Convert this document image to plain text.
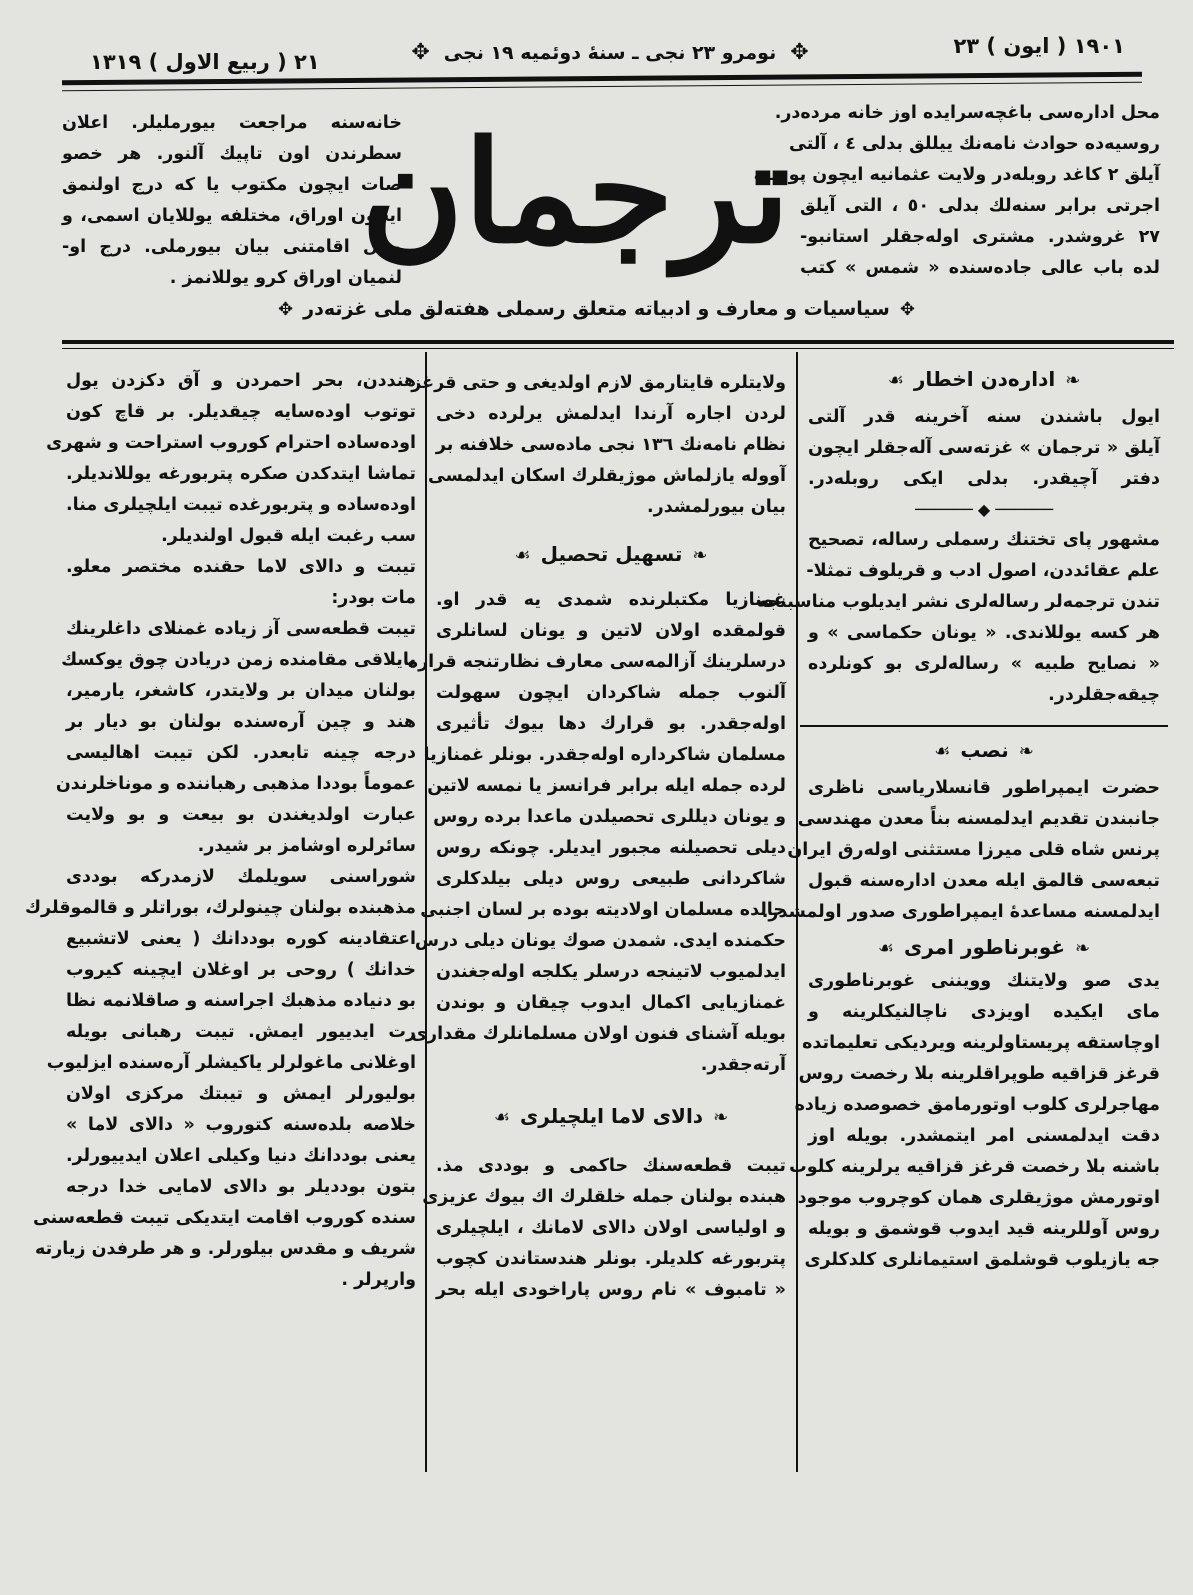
١٩٠١ ( ایون ) ٢٣
✥ نومرو ٢٣ نجی ـ سنهٔ دوئمیه ١٩ نجی ✥
٢١ ( ربیع الاول ) ١٣١٩
محل ادارەسی باغچەسرایدە اوز خانه مردەدر.
روسیەدە حوادث نامەنك ییللق بدلی ٤ ، آلتی
آیلق ٢ کاغد روبلەدر ولایت عثمانیه ایچون پوسته
اجرتی برابر سنەلك بدلی ٥٠ ، التی آیلق
٢٧ غروشدر. مشتری اولەجقلر استانبو-
لدە باب عالی جادەسندە « شمس » کتب
ترجمان
خانەسنه مراجعت بیورملیلر. اعلان
سطرندن اون تاپیك آلنور. هر خصو
صات ایچون مکتوب یا که درج اولنمق
ایچون اوراق، مختلفه یوللایان اسمی، و
محل اقامتنی بیان بیورملی. درج او-
لنمیان اوراق کرو یوللانمز .
✥سیاسیات و معارف و ادبیاته متعلق رسملی هفتەلق ملی غزتەدر✥
❧ادارەدن اخطار☙
ایول باشندن سنه آخرینه قدر آلتی
آیلق « ترجمان » غزتەسی آلەجقلر ایچون
دفتر آچیقدر. بدلی ایکی روبلەدر.
────── ◆ ──────
مشهور پای تختنك رسملی رسالە، تصحیح
علم عقائددن، اصول ادب و قریلوف تمثلا-
تندن ترجمەلر رسالەلری نشر ایدیلوب مناسبنجه
هر کسه یوللاندی. « یونان حکماسی » و
« نصایح طبیه » رسالەلری بو کونلردە
چیقەجقلردر.
❧نصب☙
حضرت ایمپراطور قانسلاریاسی ناظری
جانبندن تقدیم ایدلمسنه بناً معدن مهندسی
پرنس شاه قلی میرزا مستثنی اولەرق ایران
تبعەسی قالمق ایله معدن ادارەسنه قبول
ایدلمسنه مساعدهٔ ایمپراطوری صدور اولمشدر.
❧غوبرناطور امری☙
یدی صو ولایتنك وویننی غوبرناطوری
مای ایکیدە اویزدی ناچالنیکلرینه و
اوچاستقه پریستاولرینه ویردیکی تعلیماتدە
قرغز قزاقیه طوپراقلرینه بلا رخصت روس
مهاجرلری کلوب اوتورمامق خصوصدە زیادە
دقت ایدلمسنی امر ایتمشدر. بویله اوز
باشنه بلا رخصت قرغز قزاقیه یرلرینه کلوب
اوتورمش موژیقلری همان کوچروب موجود
روس آوللرینه قید ایدوب قوشمق و بویله
جه یازیلوب قوشلمق استیمانلری کلدکلری
ولایتلره قایتارمق لازم اولدیغی و حتی قرغز
لردن اجاره آرندا ایدلمش یرلردە دخی
نظام نامەنك ١٣٦ نجی مادەسی خلافنه بر
آوولە یازلماش موژیقلرك اسکان ایدلمسی
بیان بیورلمشدر.
❧تسهیل تحصیل☙
غمنازیا مکتبلرندە شمدی یه قدر او.
قولمقدە اولان لاتین و یونان لسانلری
درسلرینك آزالمەسی معارف نظارتنجه قرارە
آلنوب جمله شاکردان ایچون سهولت
اولەجقدر. بو قرارك دها بیوك تأثیری
مسلمان شاکردارە اولەجقدر. بونلر غمنازیا
لردە جمله ایله برابر فرانسز یا نمسه لاتین
و یونان دیللری تحصیلدن ماعدا بردە روس
دیلی تحصیلنه مجبور ایدیلر. چونکه روس
شاکردانی طبیعی روس دیلی بیلدکلری
حالدە مسلمان اولادیته بودە بر لسان اجنبی
حکمندە ایدی. شمدن صوك یونان دیلی درس
ایدلمیوب لاتینجه درسلر یکلجه اولەجغندن
غمنازیایی اکمال ایدوب چیقان و بوندن
بویله آشنای فنون اولان مسلمانلرك مقداری
آرتەجقدر.
❧دالای لاما ایلچیلری☙
تیبت قطعەسنك حاکمی و بوددی مذ.
هبندە بولنان جمله خلقلرك اك بیوك عزیزی
و اولیاسی اولان دالای لامانك ، ایلچیلری
پتربورغه کلدیلر. بونلر هندستاندن کچوب
« تامبوف » نام روس پاراخودی ایله بحر
هنددن، بحر احمردن و آق دکزدن یول
توتوب اودەسایه چیقدیلر. بر قاچ کون
اودەسادە احترام کوروب استراحت و شهری
تماشا ایتدکدن صکره پتربورغه یوللاندیلر.
اودەسادە و پتربورغدە تیبت ایلچیلری منا.
سب رغبت ایله قبول اولندیلر.
تیبت و دالای لاما حقندە مختصر معلو.
مات بودر:
تیبت قطعەسی آز زیادە غمنلای داغلرینك
یایلاقی مقامندە زمن دریادن چوق یوکسك
بولنان میدان بر ولایتدر، کاشغر، یارمیر،
هند و چین آرەسندە بولنان بو دیار بر
درجه چینه تابعدر. لکن تیبت اهالیسی
عموماً بوددا مذهبی رهباننده و موناخلرندن
عبارت اولدیغندن بو بیعت و بو ولایت
سائرلره اوشامز بر شیدر.
شوراسنی سویلمك لازمدرکه بوددی
مذهبندە بولنان چینولرك، بوراتلر و قالموقلرك
اعتقادینه کوره بوددانك ( یعنی لاتشبیع
خدانك ) روحی بر اوغلان ایچینه کیروب
بو دنیادە مذهبك اجراسنه و صاقلانمه نظا
رت ایدییور ایمش. تیبت رهبانی بویله
اوغلانی ماغولرلر یاکیشلر آرەسندە ایزلیوب
بولیورلر ایمش و تیبتك مرکزی اولان
خلاصه بلدەسنه کتوروب « دالای لاما »
یعنی بوددانك دنیا وکیلی اعلان ایدییورلر.
بتون بوددیلر بو دالای لامایی خدا درجه
سندە کوروب اقامت ایتدیکی تیبت قطعەسنی
شریف و مقدس بیلورلر. و هر طرفدن زیارته
وارپرلر .
